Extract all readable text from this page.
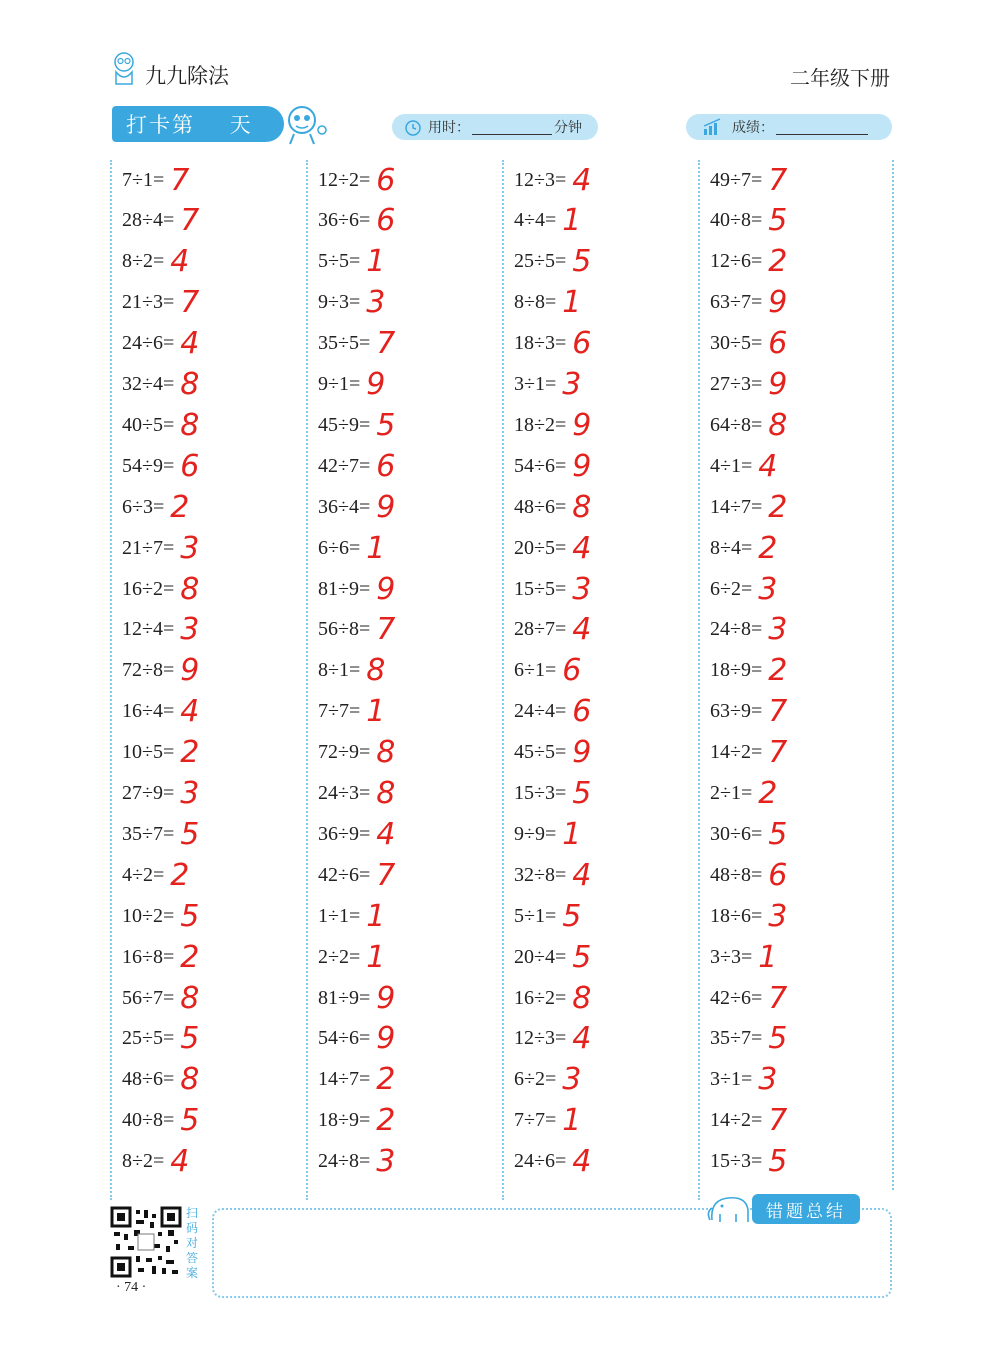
九九除法	二年级下册
打卡第    天	用时：	分钟	成绩：
7÷1= 7
28÷4= 7
8÷2= 4
21÷3= 7
24÷6= 4
32÷4= 8
40÷5= 8
54÷9= 6
6÷3= 2
21÷7= 3
16÷2= 8
12÷4= 3
72÷8= 9
16÷4= 4
10÷5= 2
27÷9= 3
35÷7= 5
4÷2= 2
10÷2= 5
16÷8= 2
56÷7= 8
25÷5= 5
48÷6= 8
40÷8= 5
8÷2= 4
12÷2= 6
36÷6= 6
5÷5= 1
9÷3= 3
35÷5= 7
9÷1= 9
45÷9= 5
42÷7= 6
36÷4= 9
6÷6= 1
81÷9= 9
56÷8= 7
8÷1= 8
7÷7= 1
72÷9= 8
24÷3= 8
36÷9= 4
42÷6= 7
1÷1= 1
2÷2= 1
81÷9= 9
54÷6= 9
14÷7= 2
18÷9= 2
24÷8= 3
12÷3= 4
4÷4= 1
25÷5= 5
8÷8= 1
18÷3= 6
3÷1= 3
18÷2= 9
54÷6= 9
48÷6= 8
20÷5= 4
15÷5= 3
28÷7= 4
6÷1= 6
24÷4= 6
45÷5= 9
15÷3= 5
9÷9= 1
32÷8= 4
5÷1= 5
20÷4= 5
16÷2= 8
12÷3= 4
6÷2= 3
7÷7= 1
24÷6= 4
49÷7= 7
40÷8= 5
12÷6= 2
63÷7= 9
30÷5= 6
27÷3= 9
64÷8= 8
4÷1= 4
14÷7= 2
8÷4= 2
6÷2= 3
24÷8= 3
18÷9= 2
63÷9= 7
14÷2= 7
2÷1= 2
30÷6= 5
48÷8= 6
18÷6= 3
3÷3= 1
42÷6= 7
35÷7= 5
3÷1= 3
14÷2= 7
15÷3= 5
扫码对答案
· 74 ·
错题总结
